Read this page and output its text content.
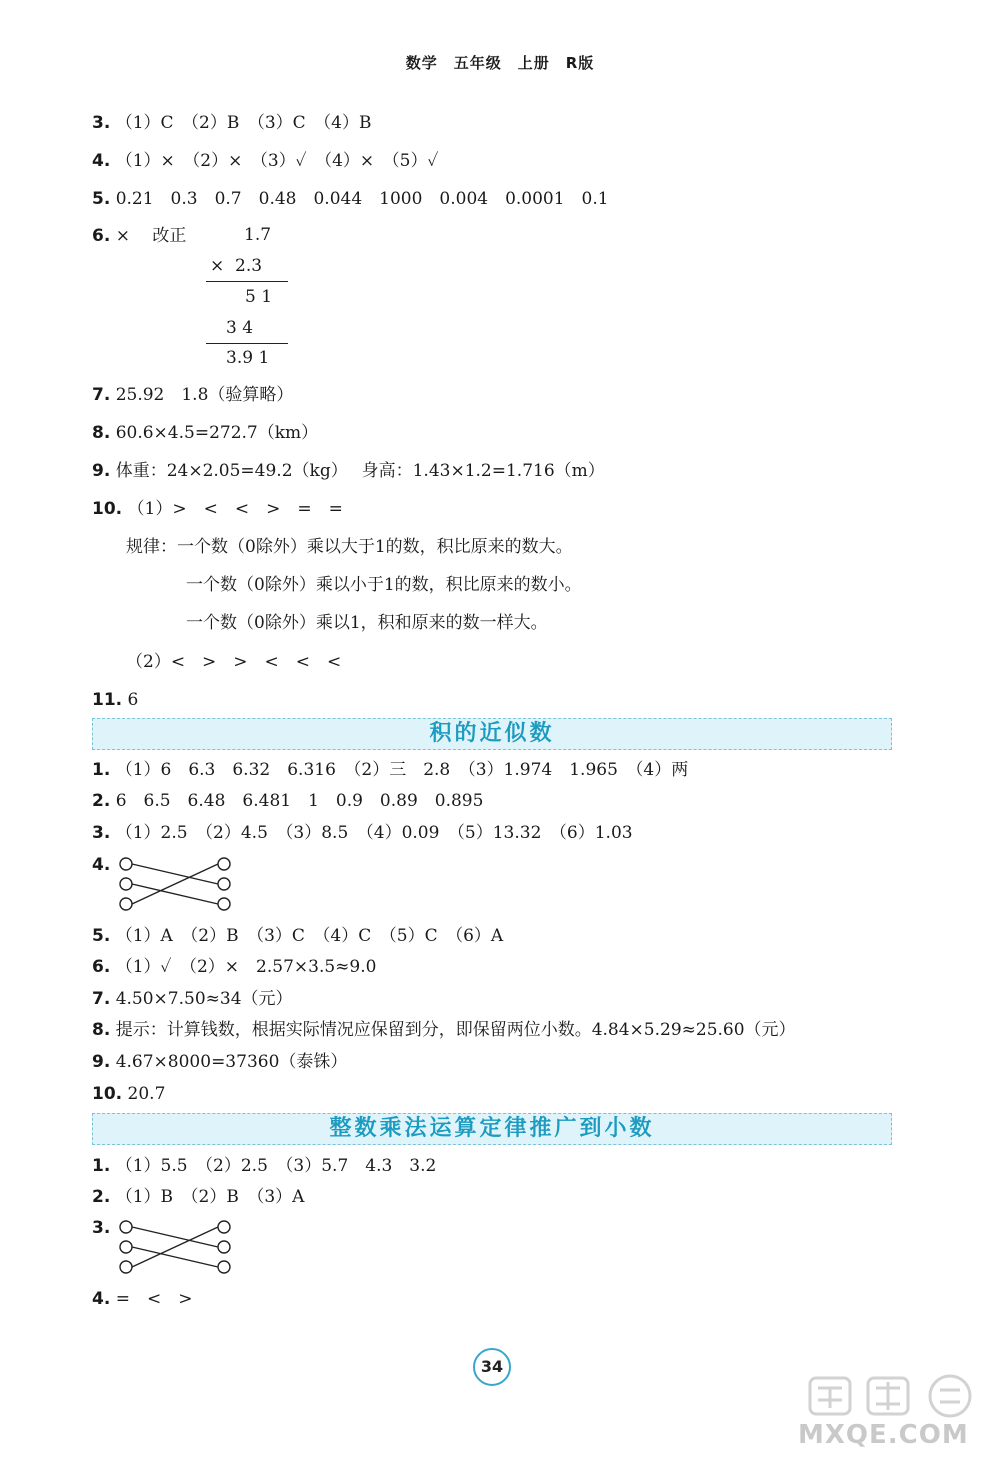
数学　五年级　上册　R版
3. （1）C　（2）B　（3）C　（4）B
4. （1）×　（2）×　（3）✓　（4）×　（5）✓
5. 0.21　0.3　0.7　0.48　0.044　1000　0.004　0.0001　0.1
6. ×　 改正	1.7
×  2.3
5 1
3 4
3.9 1
7. 25.92　1.8（验算略）
8. 60.6×4.5=272.7（km）
9. 体重：24×2.05=49.2（kg）　 身高：1.43×1.2=1.716（m）
10. （1）>　<　<　>　=　=
规律：一个数（0除外）乘以大于1的数，积比原来的数大。
一个数（0除外）乘以小于1的数，积比原来的数小。
一个数（0除外）乘以1，积和原来的数一样大。
（2）<　>　>　<　<　<
11. 6
积的近似数
1. （1）6　6.3　6.32　6.316　（2）三　2.8　（3）1.974　1.965　（4）两
2. 6　6.5　6.48　6.481　1　0.9　0.89　0.895
3. （1）2.5　（2）4.5　（3）8.5　（4）0.09　（5）13.32　（6）1.03
4.
5. （1）A　（2）B　（3）C　（4）C　（5）C　（6）A
6. （1）✓　（2）×　2.57×3.5≈9.0
7. 4.50×7.50≈34（元）
8. 提示：计算钱数，根据实际情况应保留到分，即保留两位小数。4.84×5.29≈25.60（元）
9. 4.67×8000=37360（泰铢）
10. 20.7
整数乘法运算定律推广到小数
1. （1）5.5　（2）2.5　（3）5.7　4.3　3.2
2. （1）B　（2）B　（3）A
3.
4. =　<　>
34
MXQE.COM
